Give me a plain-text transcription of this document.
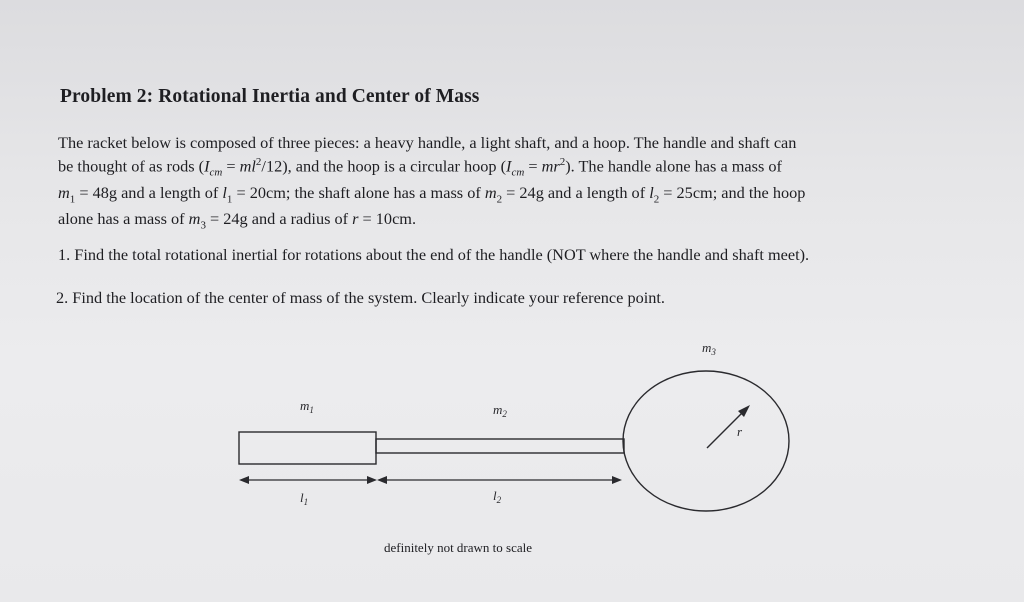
Problem 2: Rotational Inertia and Center of Mass
The racket below is composed of three pieces: a heavy handle, a light shaft, and a hoop. The handle and shaft can
be thought of as rods $(I_{cm} = ml^2/12)$, and the hoop is a circular hoop $(I_{cm} = mr^2)$. The handle alone has a mass of
$m_1 = 48g$ and a length of $l_1 = 20cm$; the shaft alone has a mass of $m_2 = 24g$ and a length of $l_2 = 25cm$; and the hoop
alone has a mass of $m_3 = 24g$ and a radius of r = 10cm.
1. Find the total rotational inertial for rotations about the end of the handle (NOT where the handle and shaft meet).
2. Find the location of the center of mass of the system. Clearly indicate your reference point.
$m_1$	$m_2$
$m_3$
r
$l_1$	$l_2$
definitely not drawn to scale
